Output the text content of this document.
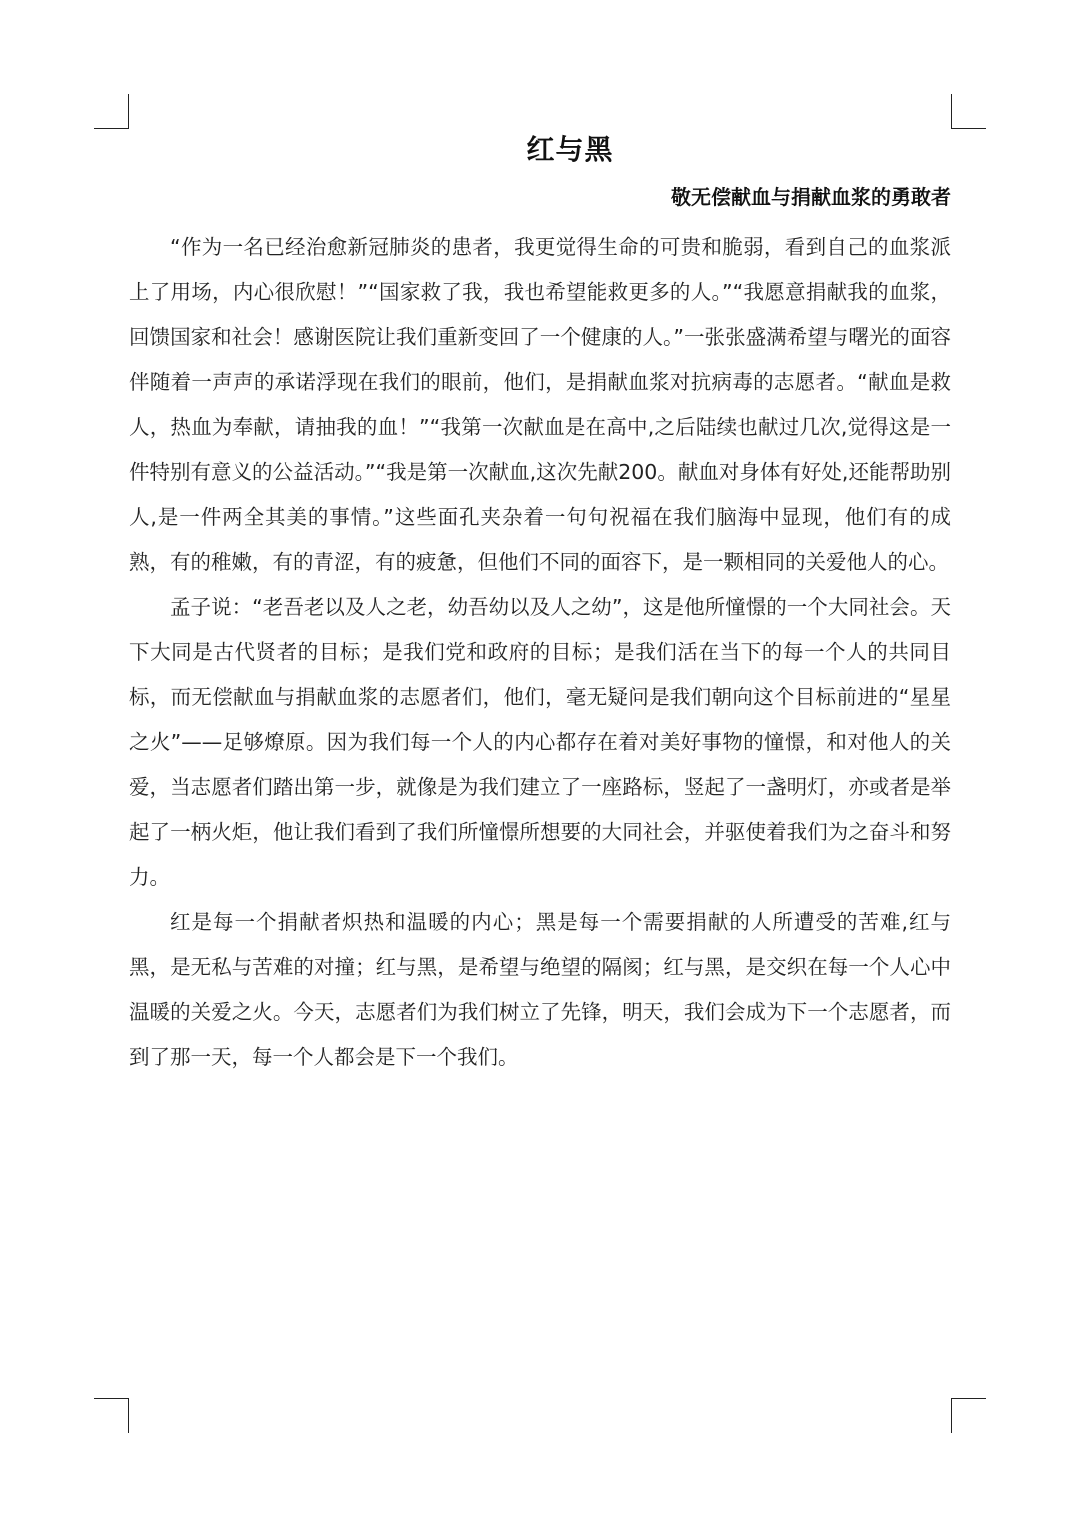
红与黑

敬无偿献血与捐献血浆的勇敢者

“作为一名已经治愈新冠肺炎的患者，我更觉得生命的可贵和脆弱，看到自己的血浆派上了用场，内心很欣慰！”“国家救了我，我也希望能救更多的人。”“我愿意捐献我的血浆，回馈国家和社会！感谢医院让我们重新变回了一个健康的人。”一张张盛满希望与曙光的面容伴随着一声声的承诺浮现在我们的眼前，他们，是捐献血浆对抗病毒的志愿者。“献血是救人，热血为奉献，请抽我的血！”“我第一次献血是在高中,之后陆续也献过几次,觉得这是一件特别有意义的公益活动。”“我是第一次献血,这次先献200。献血对身体有好处,还能帮助别人,是一件两全其美的事情。”这些面孔夹杂着一句句祝福在我们脑海中显现，他们有的成熟，有的稚嫩，有的青涩，有的疲惫，但他们不同的面容下，是一颗相同的关爱他人的心。

孟子说：“老吾老以及人之老，幼吾幼以及人之幼”，这是他所憧憬的一个大同社会。天下大同是古代贤者的目标；是我们党和政府的目标；是我们活在当下的每一个人的共同目标，而无偿献血与捐献血浆的志愿者们，他们，毫无疑问是我们朝向这个目标前进的“星星之火”——足够燎原。因为我们每一个人的内心都存在着对美好事物的憧憬，和对他人的关爱，当志愿者们踏出第一步，就像是为我们建立了一座路标，竖起了一盏明灯，亦或者是举起了一柄火炬，他让我们看到了我们所憧憬所想要的大同社会，并驱使着我们为之奋斗和努力。

红是每一个捐献者炽热和温暖的内心；黑是每一个需要捐献的人所遭受的苦难,红与黑，是无私与苦难的对撞；红与黑，是希望与绝望的隔阂；红与黑，是交织在每一个人心中温暖的关爱之火。今天，志愿者们为我们树立了先锋，明天，我们会成为下一个志愿者，而到了那一天，每一个人都会是下一个我们。
